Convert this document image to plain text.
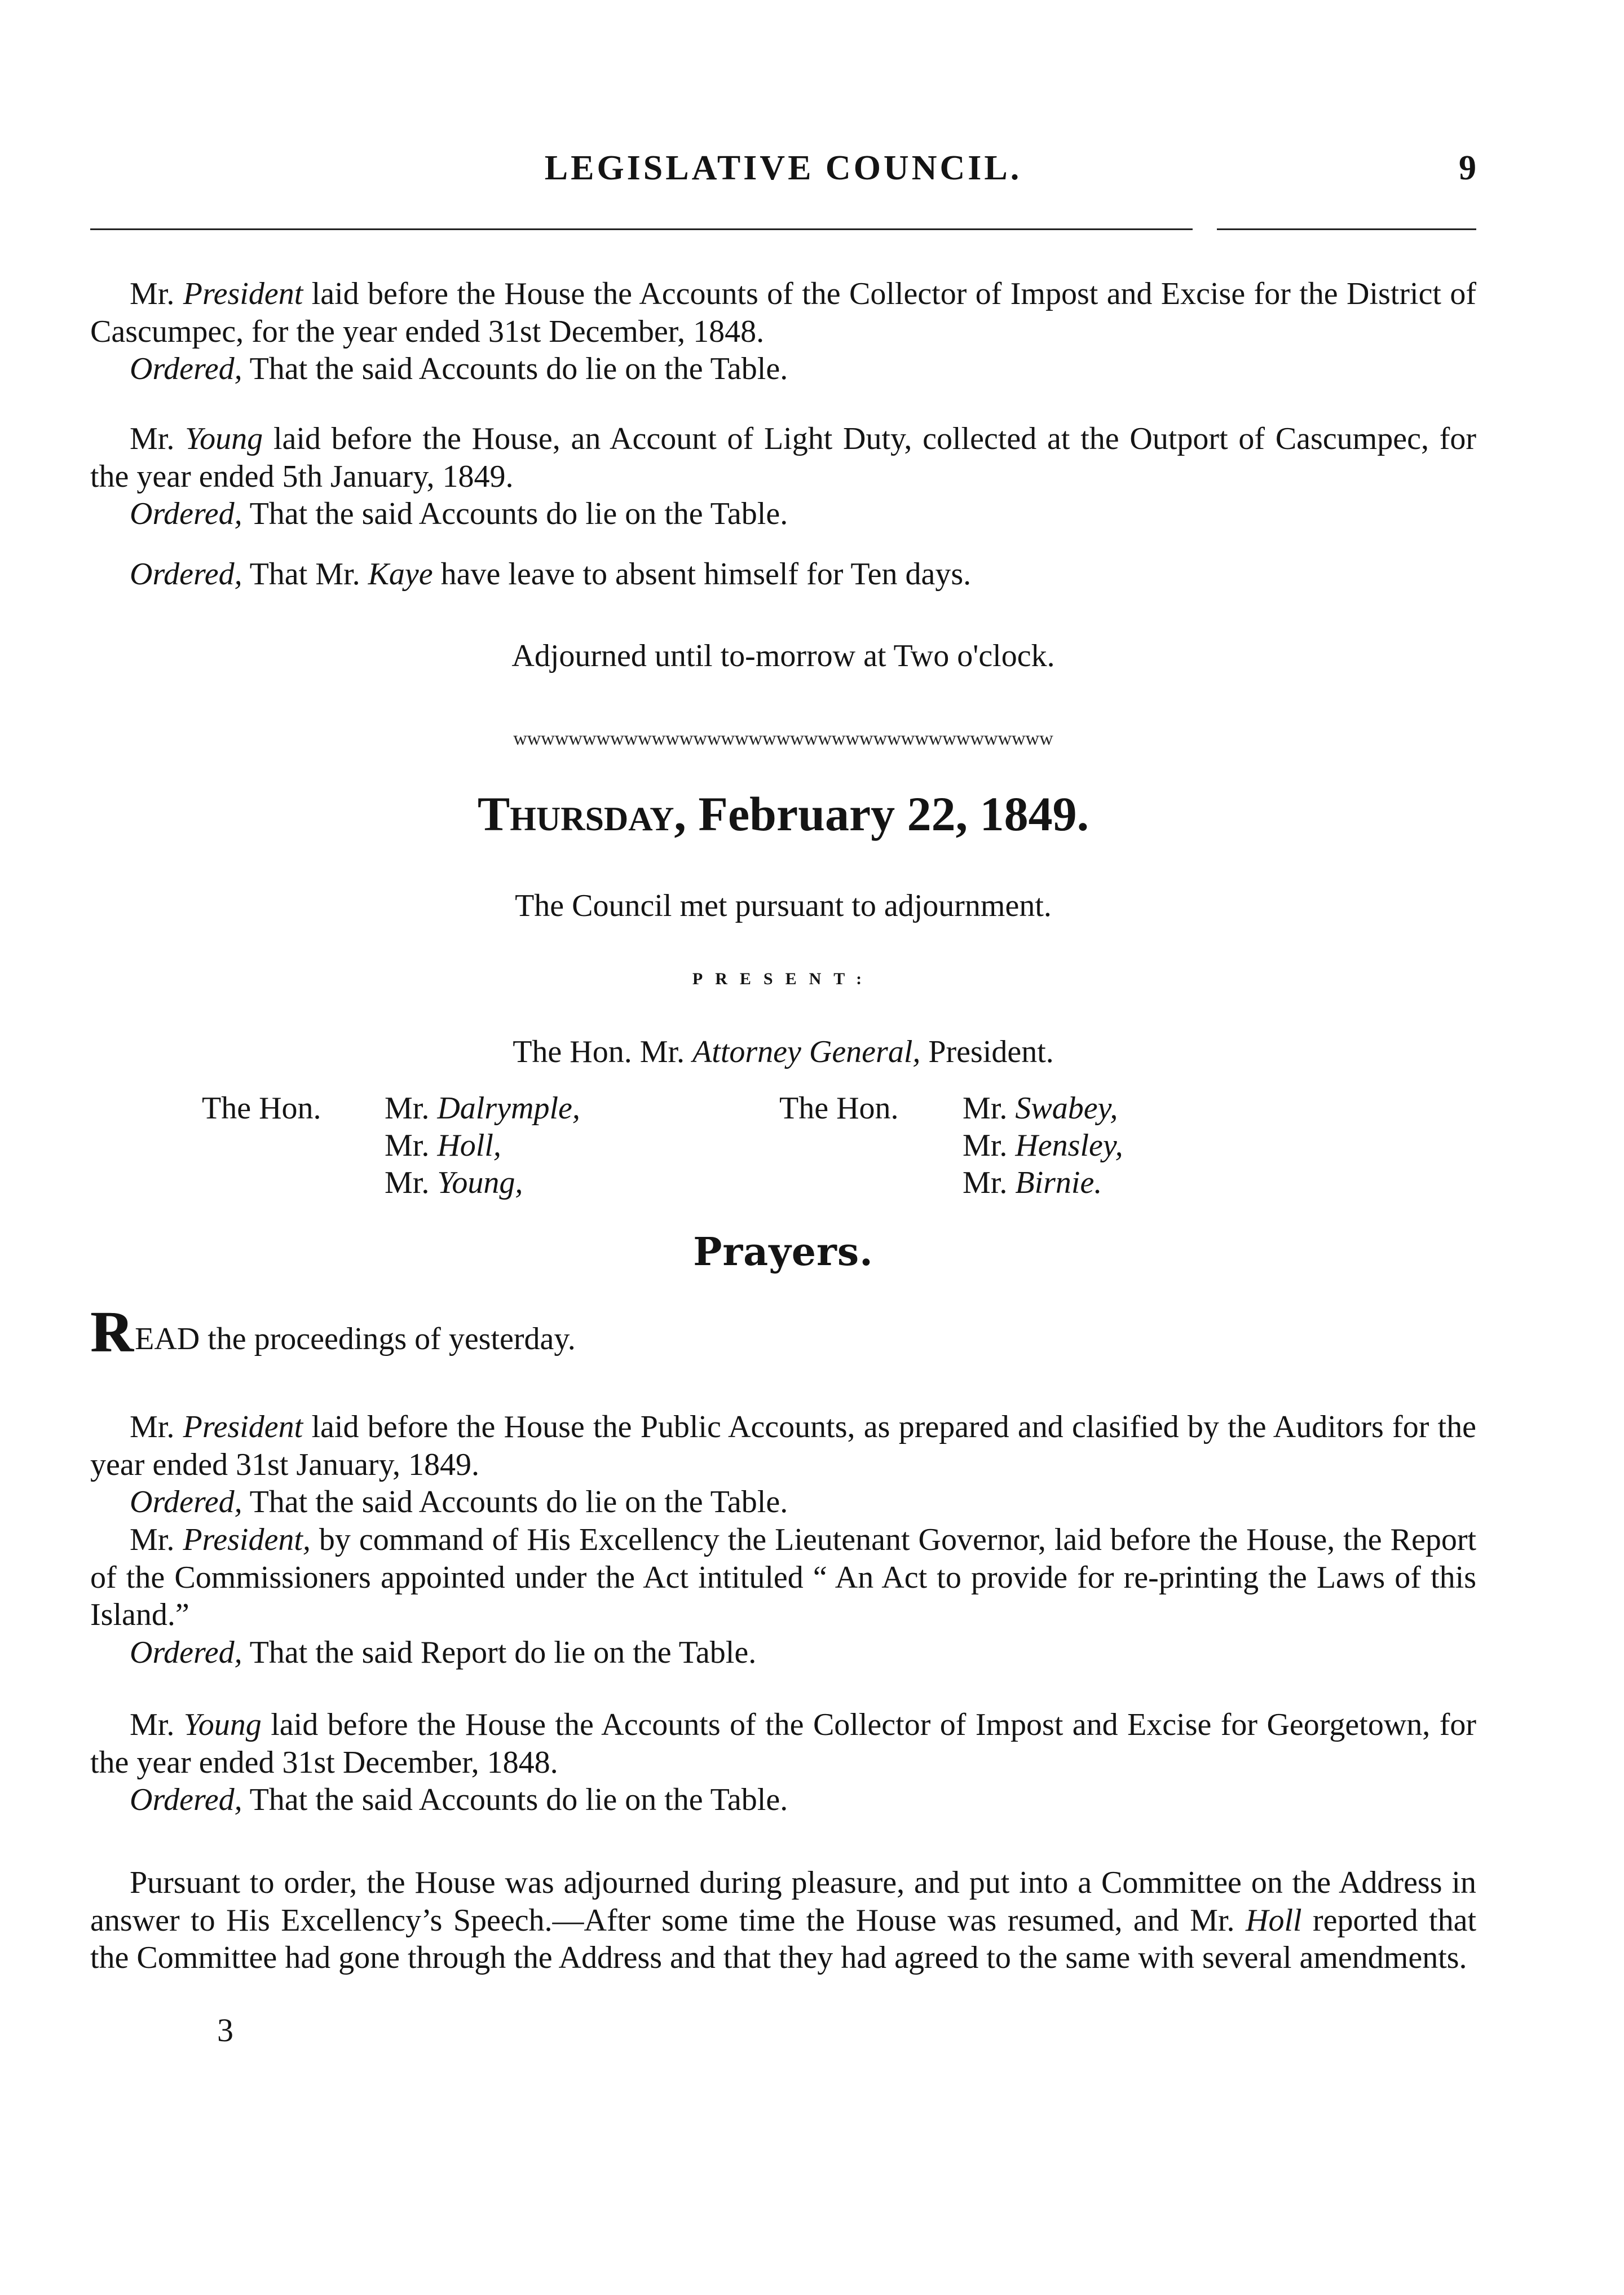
LEGISLATIVE COUNCIL.	9

Mr. President laid before the House the Accounts of the Collector of Impost and Excise for the District of Cascumpec, for the year ended 31st December, 1848.

Ordered, That the said Accounts do lie on the Table.

Mr. Young laid before the House, an Account of Light Duty, collected at the Outport of Cascumpec, for the year ended 5th January, 1849.

Ordered, That the said Accounts do lie on the Table.

Ordered, That Mr. Kaye have leave to absent himself for Ten days.

Adjourned until to-morrow at Two o'clock.
wwwwwwwwwwwwwwwwwwwwwwwwwwwwwwwwwwwwwww
Thursday, February 22, 1849.
The Council met pursuant to adjournment.
PRESENT:
The Hon. Mr. Attorney General, President.
The Hon. Mr. Dalrymple,
Mr. Holl,
Mr. Young,
The Hon. Mr. Swabey,
Mr. Hensley,
Mr. Birnie.
Prayers.

READ the proceedings of yesterday.

Mr. President laid before the House the Public Accounts, as prepared and clasified by the Auditors for the year ended 31st January, 1849.

Ordered, That the said Accounts do lie on the Table.

Mr. President, by command of His Excellency the Lieutenant Governor, laid before the House, the Report of the Commissioners appointed under the Act intituled “ An Act to provide for re-printing the Laws of this Island.”

Ordered, That the said Report do lie on the Table.

Mr. Young laid before the House the Accounts of the Collector of Impost and Excise for Georgetown, for the year ended 31st December, 1848.

Ordered, That the said Accounts do lie on the Table.

Pursuant to order, the House was adjourned during pleasure, and put into a Committee on the Address in answer to His Excellency’s Speech.—After some time the House was resumed, and Mr. Holl reported that the Committee had gone through the Address and that they had agreed to the same with several amendments.

3
